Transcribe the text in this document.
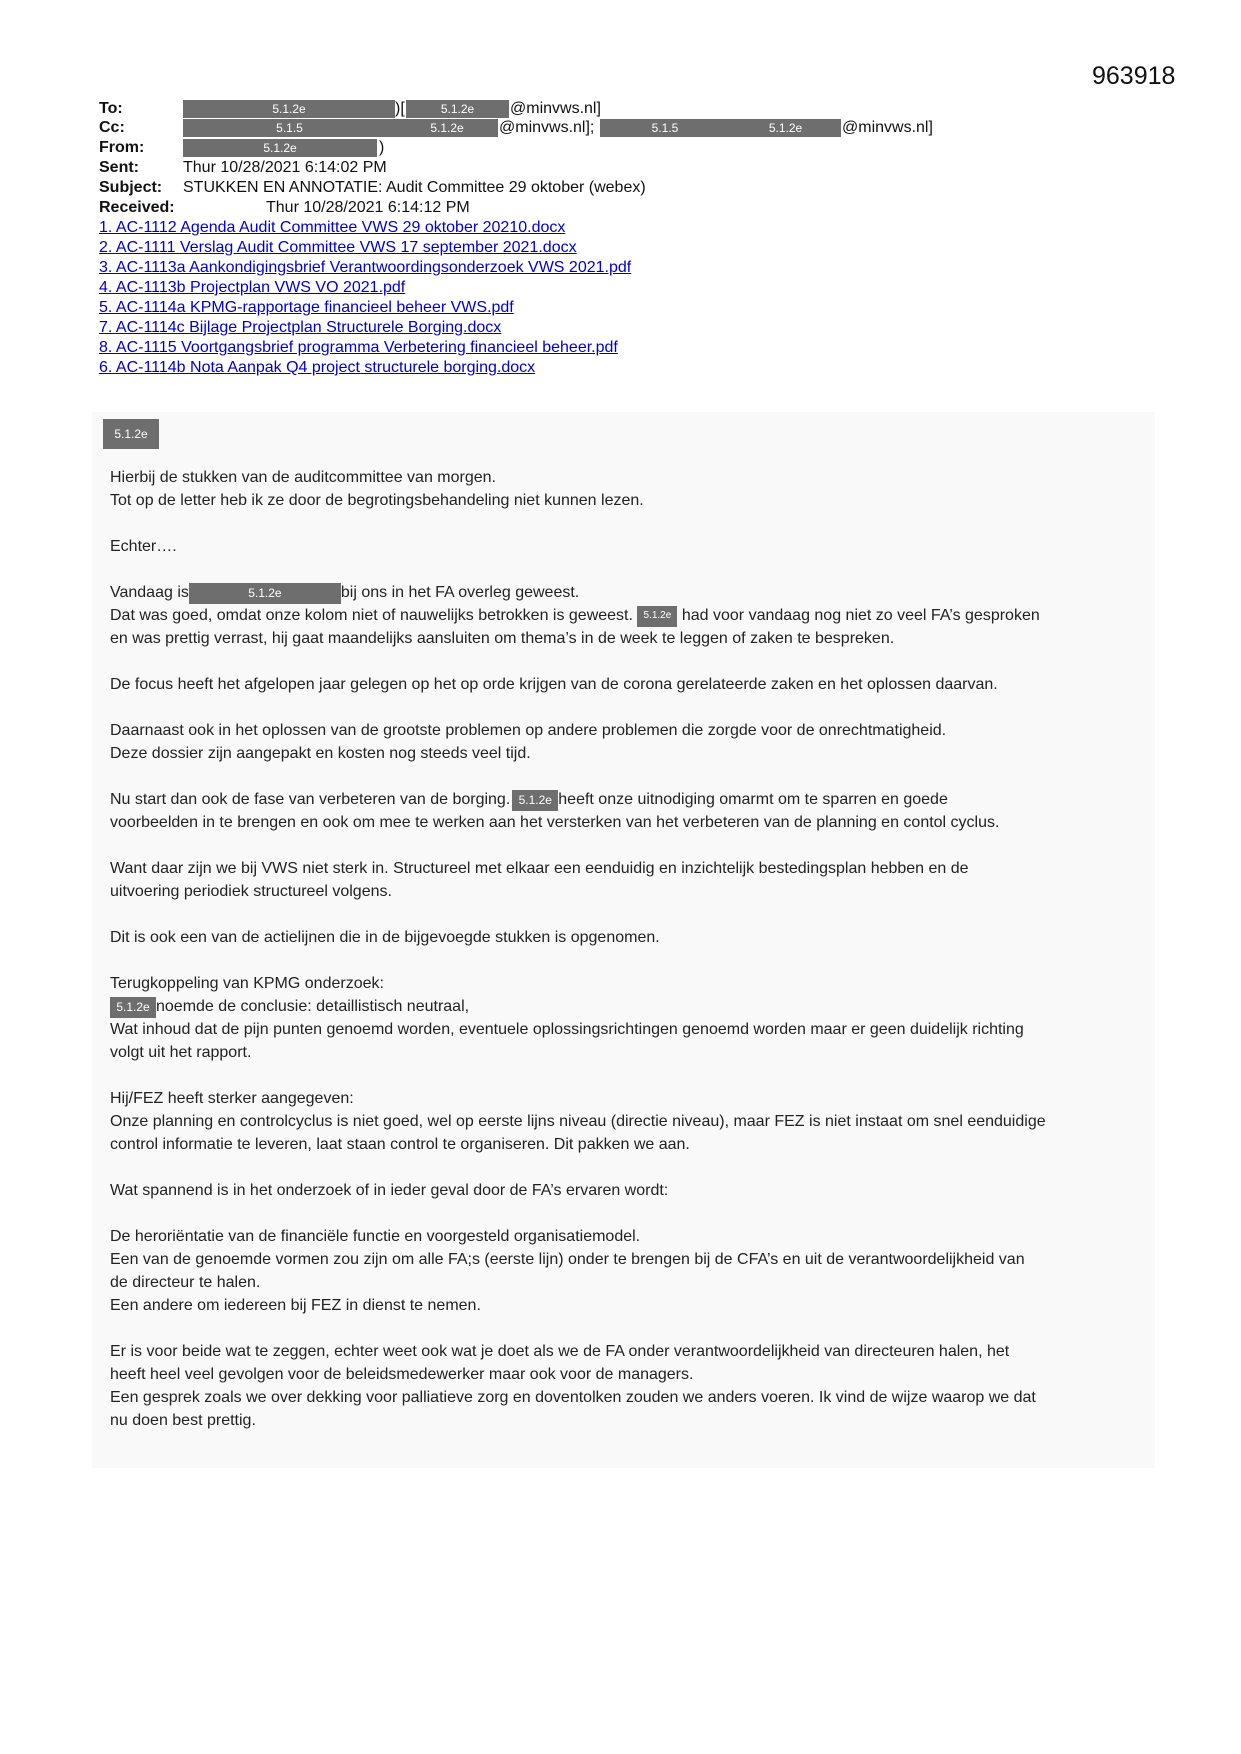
963918
To:	5.1.2e	)[	5.1.2e	@minvws.nl]
Cc:	5.1.5	5.1.2e	@minvws.nl];	5.1.5	5.1.2e	@minvws.nl]
From:	5.1.2e	)
Sent:	Thur 10/28/2021 6:14:02 PM
Subject: STUKKEN EN ANNOTATIE: Audit Committee 29 oktober (webex)
Received:	Thur 10/28/2021 6:14:12 PM
1. AC-1112 Agenda Audit Committee VWS 29 oktober 20210.docx
2. AC-1111 Verslag Audit Committee VWS 17 september 2021.docx
3. AC-1113a Aankondigingsbrief Verantwoordingsonderzoek VWS 2021.pdf
4. AC-1113b Projectplan VWS VO 2021.pdf
5. AC-1114a KPMG-rapportage financieel beheer VWS.pdf
7. AC-1114c Bijlage Projectplan Structurele Borging.docx
8. AC-1115 Voortgangsbrief programma Verbetering financieel beheer.pdf
6. AC-1114b Nota Aanpak Q4 project structurele borging.docx
5.1.2e
Hierbij de stukken van de auditcommittee van morgen.
Tot op de letter heb ik ze door de begrotingsbehandeling niet kunnen lezen.
Echter….
Vandaag is	5.1.2e	bij ons in het FA overleg geweest.
Dat was goed, omdat onze kolom niet of nauwelijks betrokken is geweest. 5.1.2e had voor vandaag nog niet zo veel FA’s gesproken
en was prettig verrast, hij gaat maandelijks aansluiten om thema’s in de week te leggen of zaken te bespreken.
De focus heeft het afgelopen jaar gelegen op het op orde krijgen van de corona gerelateerde zaken en het oplossen daarvan.
Daarnaast ook in het oplossen van de grootste problemen op andere problemen die zorgde voor de onrechtmatigheid.
Deze dossier zijn aangepakt en kosten nog steeds veel tijd.
Nu start dan ook de fase van verbeteren van de borging. 5.1.2e heeft onze uitnodiging omarmt om te sparren en goede
voorbeelden in te brengen en ook om mee te werken aan het versterken van het verbeteren van de planning en contol cyclus.
Want daar zijn we bij VWS niet sterk in. Structureel met elkaar een eenduidig en inzichtelijk bestedingsplan hebben en de
uitvoering periodiek structureel volgens.
Dit is ook een van de actielijnen die in de bijgevoegde stukken is opgenomen.
Terugkoppeling van KPMG onderzoek:
5.1.2e noemde de conclusie: detaillistisch neutraal,
Wat inhoud dat de pijn punten genoemd worden, eventuele oplossingsrichtingen genoemd worden maar er geen duidelijk richting
volgt uit het rapport.
Hij/FEZ heeft sterker aangegeven:
Onze planning en controlcyclus is niet goed, wel op eerste lijns niveau (directie niveau), maar FEZ is niet instaat om snel eenduidige
control informatie te leveren, laat staan control te organiseren. Dit pakken we aan.
Wat spannend is in het onderzoek of in ieder geval door de FA’s ervaren wordt:
De heroriëntatie van de financiële functie en voorgesteld organisatiemodel.
Een van de genoemde vormen zou zijn om alle FA;s (eerste lijn) onder te brengen bij de CFA’s en uit de verantwoordelijkheid van
de directeur te halen.
Een andere om iedereen bij FEZ in dienst te nemen.
Er is voor beide wat te zeggen, echter weet ook wat je doet als we de FA onder verantwoordelijkheid van directeuren halen, het
heeft heel veel gevolgen voor de beleidsmedewerker maar ook voor de managers.
Een gesprek zoals we over dekking voor palliatieve zorg en doventolken zouden we anders voeren. Ik vind de wijze waarop we dat
nu doen best prettig.
